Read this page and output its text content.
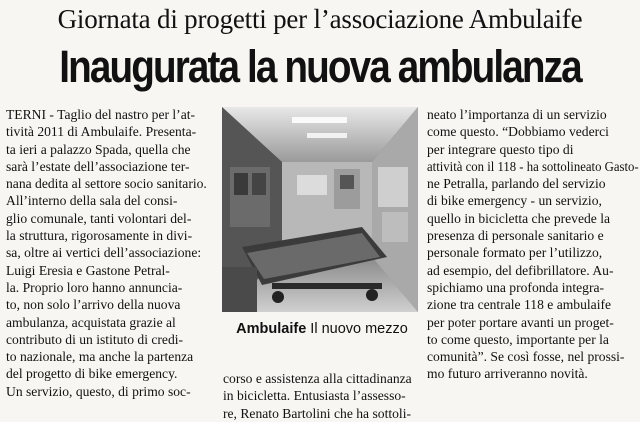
Giornata di progetti per l’associazione Ambulaife
Inaugurata la nuova ambulanza
TERNI - Taglio del nastro per l’at-
tività 2011 di Ambulaife. Presenta-
ta ieri a palazzo Spada, quella che
sarà l’estate dell’associazione ter-
nana dedita al settore socio sanitario.
All’interno della sala del consi-
glio comunale, tanti volontari del-
la struttura, rigorosamente in divi-
sa, oltre ai vertici dell’associazione:
Luigi Eresia e Gastone Petral-
la. Proprio loro hanno annuncia-
to, non solo l’arrivo della nuova
ambulanza, acquistata grazie al
contributo di un istituto di credi-
to nazionale, ma anche la partenza
del progetto di bike emergency.
Un servizio, questo, di primo soc-
Ambulaife Il nuovo mezzo
corso e assistenza alla cittadinanza
in bicicletta. Entusiasta l’assesso-
re, Renato Bartolini che ha sottoli-
neato l’importanza di un servizio
come questo. “Dobbiamo vederci
per integrare questo tipo di
attività con il 118 - ha sottolineato Gasto-
ne Petralla, parlando del servizio
di bike emergency - un servizio,
quello in bicicletta che prevede la
presenza di personale sanitario e
personale formato per l’utilizzo,
ad esempio, del defibrillatore. Au-
spichiamo una profonda integra-
zione tra centrale 118 e ambulaife
per poter portare avanti un proget-
to come questo, importante per la
comunità”. Se così fosse, nel prossi-
mo futuro arriveranno novità.
